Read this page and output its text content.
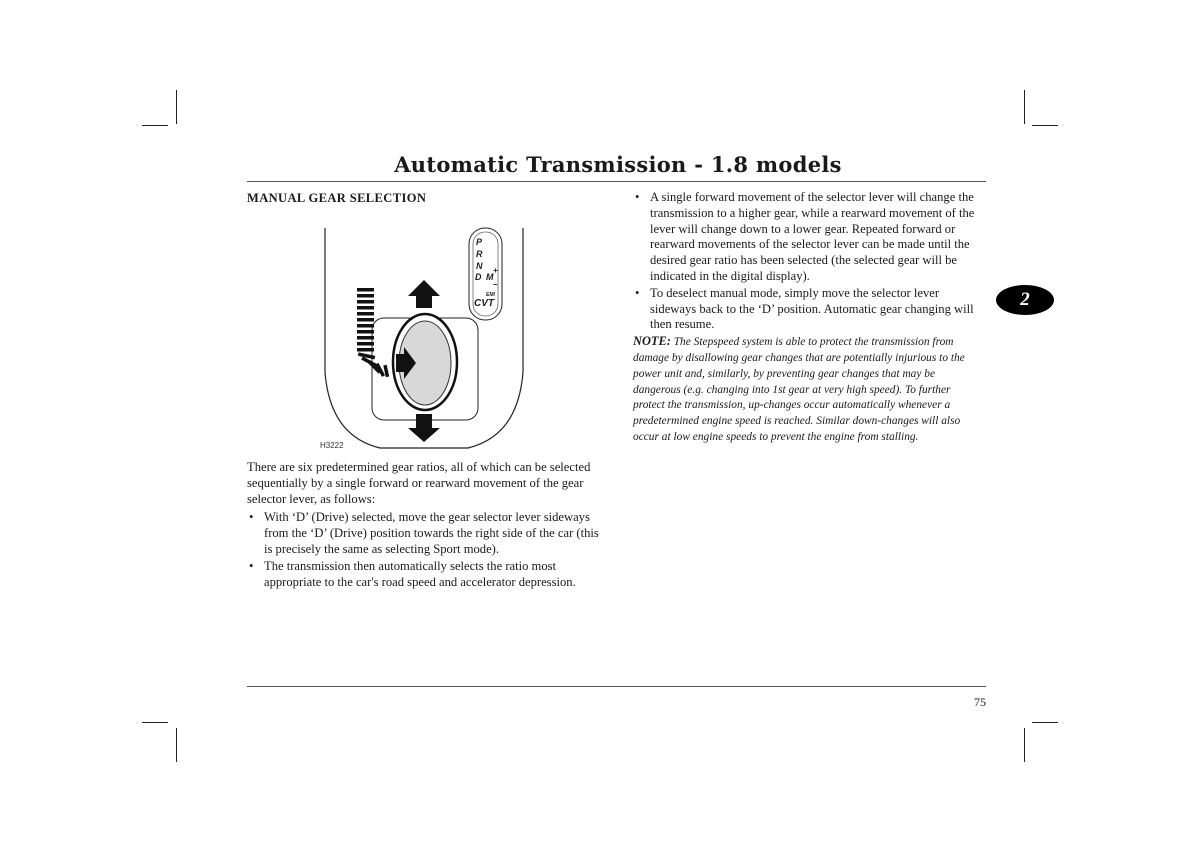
Automatic Transmission - 1.8 models
MANUAL GEAR SELECTION
P
R
N
D M
+
–
CVT
EMI
H3222

There are six predetermined gear ratios, all of which can be selected sequentially by a single forward or rearward movement of the gear selector lever, as follows:

• With ‘D’ (Drive) selected, move the gear selector lever sideways from the ‘D’ (Drive) position towards the right side of the car (this is precisely the same as selecting Sport mode).
• The transmission then automatically selects the ratio most appropriate to the car's road speed and accelerator depression.
• A single forward movement of the selector lever will change the transmission to a higher gear, while a rearward movement of the lever will change down to a lower gear. Repeated forward or rearward movements of the selector lever can be made until the desired gear ratio has been selected (the selected gear will be indicated in the digital display).
• To deselect manual mode, simply move the selector lever sideways back to the ‘D’ position. Automatic gear changing will then resume.

NOTE: The Stepspeed system is able to protect the transmission from damage by disallowing gear changes that are potentially injurious to the power unit and, similarly, by preventing gear changes that may be dangerous (e.g. changing into 1st gear at very high speed). To further protect the transmission, up-changes occur automatically whenever a predetermined engine speed is reached. Similar down-changes will also occur at low engine speeds to prevent the engine from stalling.

2
75
